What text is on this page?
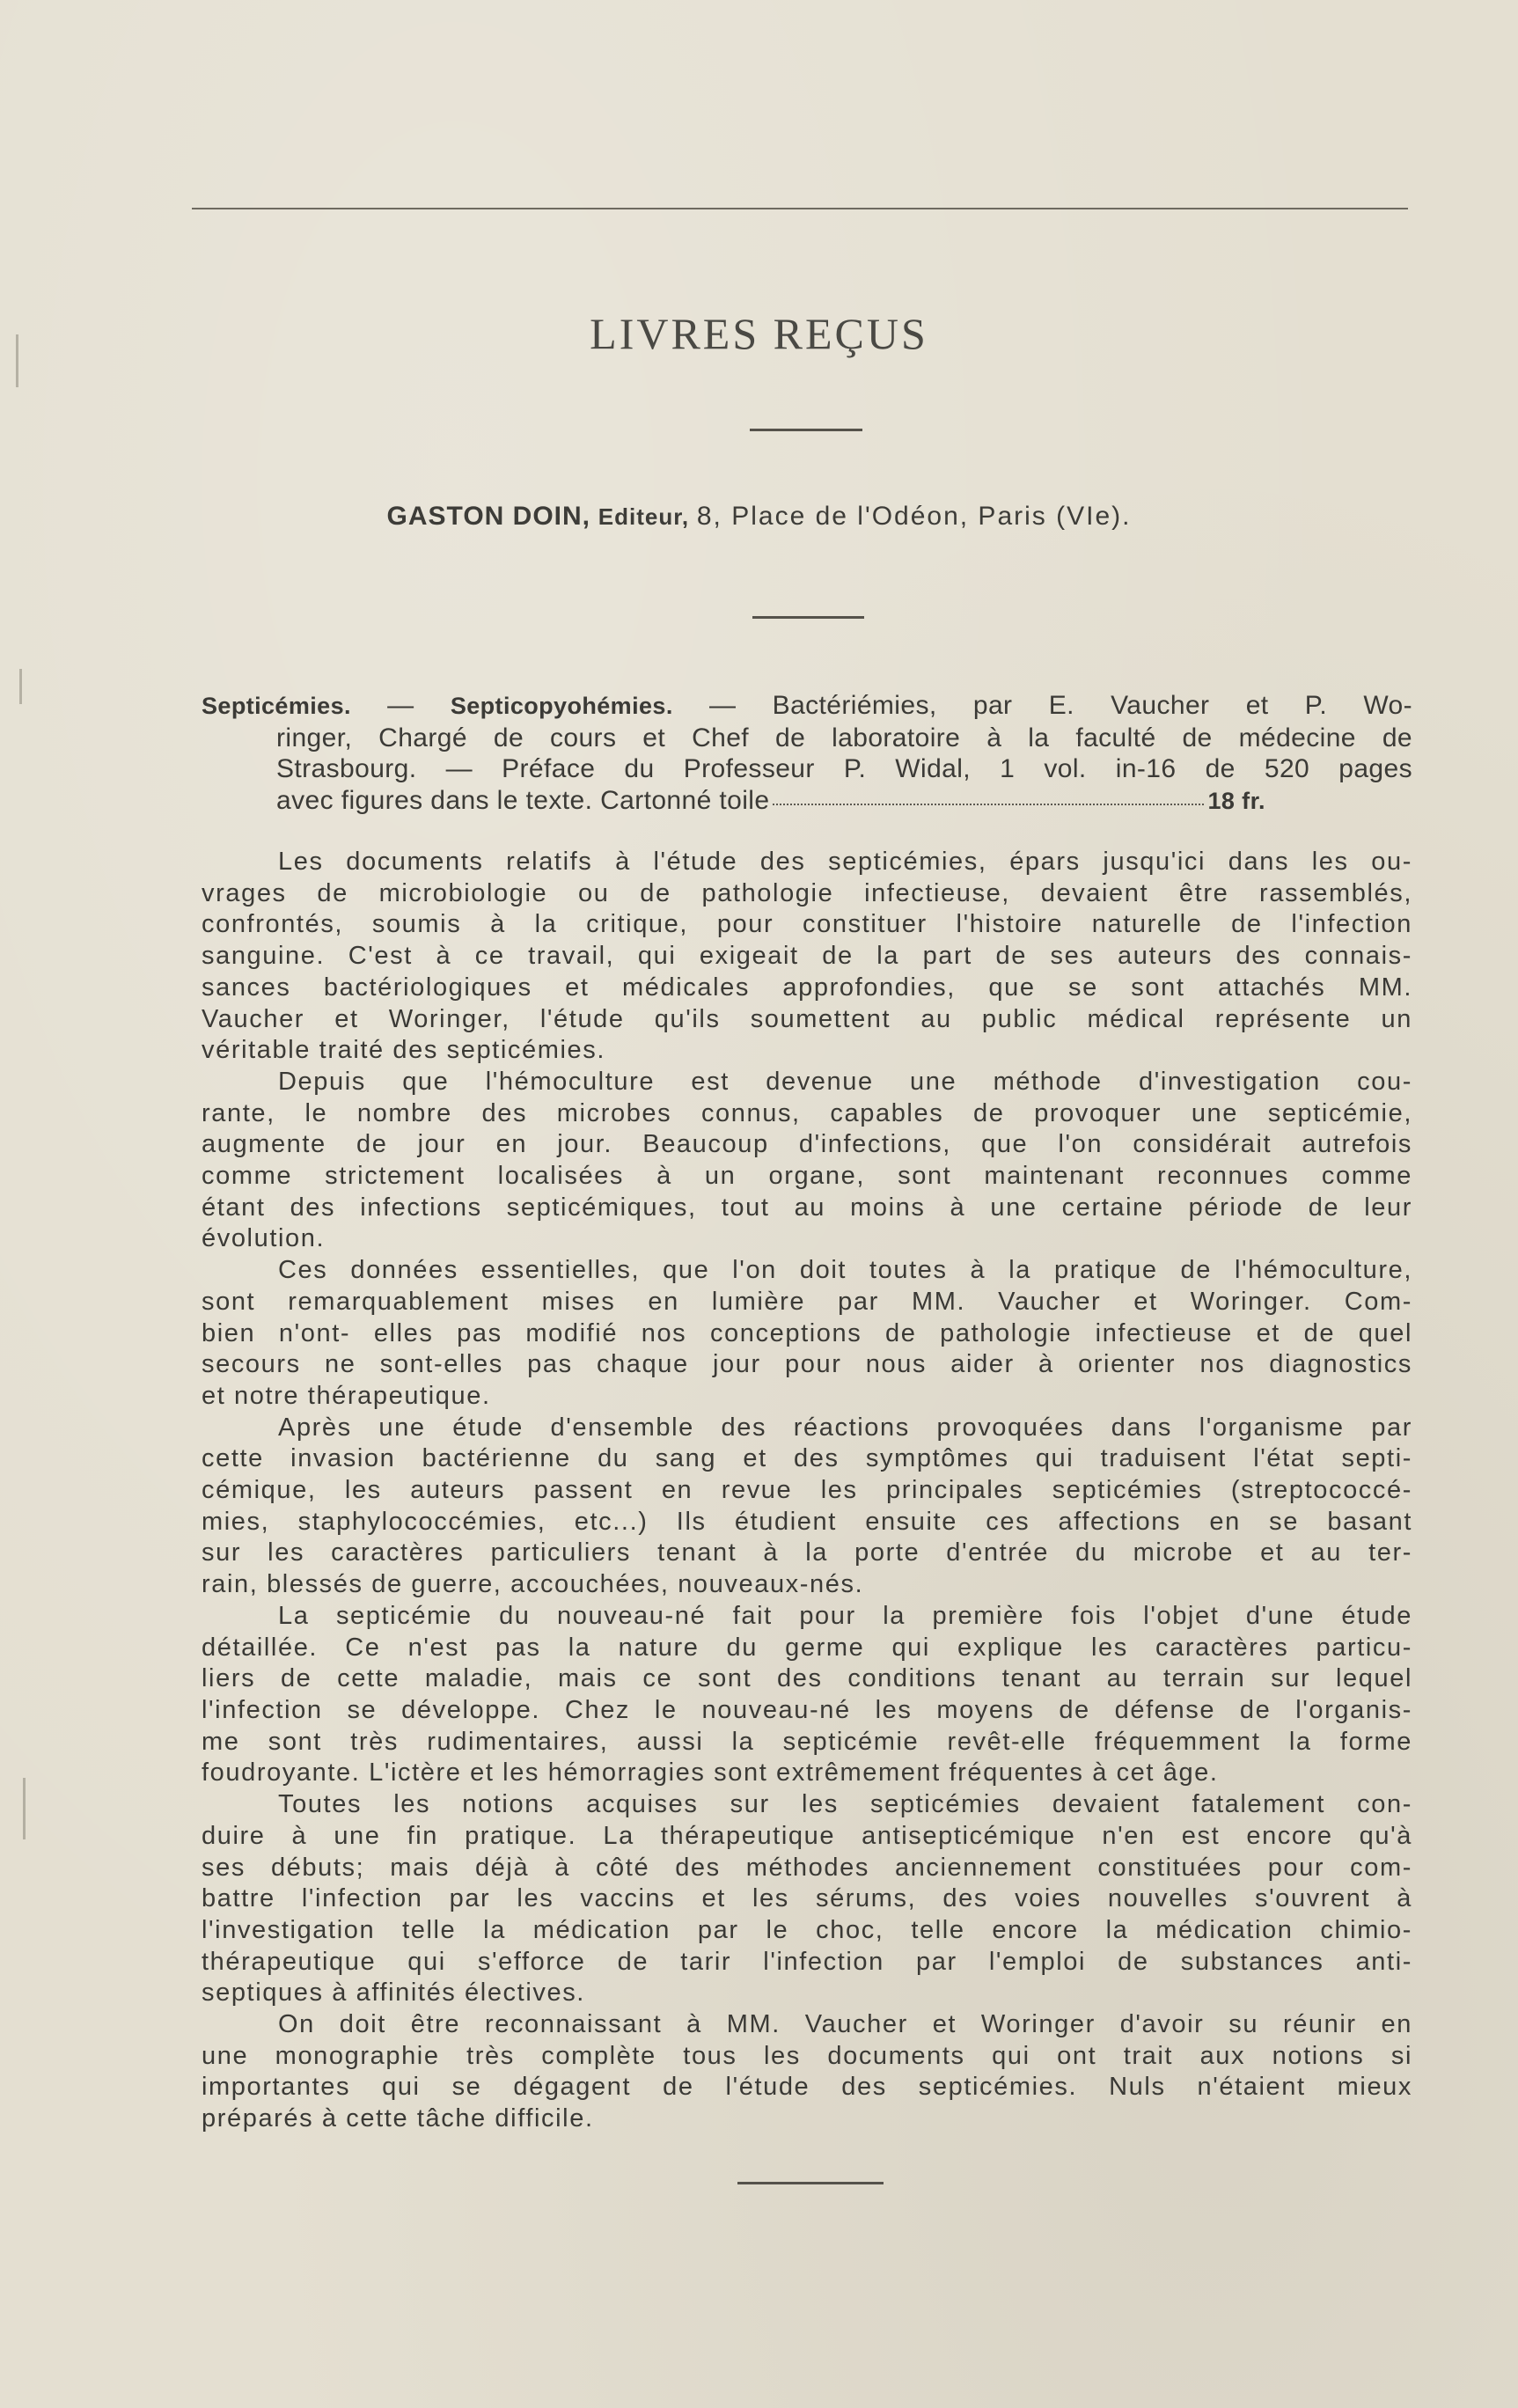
LIVRES REÇUS
GASTON DOIN, Editeur, 8, Place de l'Odéon, Paris (VIe).
Septicémies. — Septicopyohémies. — Bactériémies, par E. Vaucher et P. Wo-
ringer, Chargé de cours et Chef de laboratoire à la faculté de médecine de
Strasbourg. — Préface du Professeur P. Widal, 1 vol. in-16 de 520 pages
avec figures dans le texte. Cartonné toile	18 fr.
Les documents relatifs à l'étude des septicémies, épars jusqu'ici dans les ou-
vrages de microbiologie ou de pathologie infectieuse, devaient être rassemblés,
confrontés, soumis à la critique, pour constituer l'histoire naturelle de l'infection
sanguine. C'est à ce travail, qui exigeait de la part de ses auteurs des connais-
sances bactériologiques et médicales approfondies, que se sont attachés MM.
Vaucher et Woringer, l'étude qu'ils soumettent au public médical représente un
véritable traité des septicémies.
Depuis que l'hémoculture est devenue une méthode d'investigation cou-
rante, le nombre des microbes connus, capables de provoquer une septicémie,
augmente de jour en jour. Beaucoup d'infections, que l'on considérait autrefois
comme strictement localisées à un organe, sont maintenant reconnues comme
étant des infections septicémiques, tout au moins à une certaine période de leur
évolution.
Ces données essentielles, que l'on doit toutes à la pratique de l'hémoculture,
sont remarquablement mises en lumière par MM. Vaucher et Woringer. Com-
bien n'ont- elles pas modifié nos conceptions de pathologie infectieuse et de quel
secours ne sont-elles pas chaque jour pour nous aider à orienter nos diagnostics
et notre thérapeutique.
Après une étude d'ensemble des réactions provoquées dans l'organisme par
cette invasion bactérienne du sang et des symptômes qui traduisent l'état septi-
cémique, les auteurs passent en revue les principales septicémies (streptococcé-
mies, staphylococcémies, etc...) Ils étudient ensuite ces affections en se basant
sur les caractères particuliers tenant à la porte d'entrée du microbe et au ter-
rain, blessés de guerre, accouchées, nouveaux-nés.
La septicémie du nouveau-né fait pour la première fois l'objet d'une étude
détaillée. Ce n'est pas la nature du germe qui explique les caractères particu-
liers de cette maladie, mais ce sont des conditions tenant au terrain sur lequel
l'infection se développe. Chez le nouveau-né les moyens de défense de l'organis-
me sont très rudimentaires, aussi la septicémie revêt-elle fréquemment la forme
foudroyante. L'ictère et les hémorragies sont extrêmement fréquentes à cet âge.
Toutes les notions acquises sur les septicémies devaient fatalement con-
duire à une fin pratique. La thérapeutique antisepticémique n'en est encore qu'à
ses débuts; mais déjà à côté des méthodes anciennement constituées pour com-
battre l'infection par les vaccins et les sérums, des voies nouvelles s'ouvrent à
l'investigation telle la médication par le choc, telle encore la médication chimio-
thérapeutique qui s'efforce de tarir l'infection par l'emploi de substances anti-
septiques à affinités électives.
On doit être reconnaissant à MM. Vaucher et Woringer d'avoir su réunir en
une monographie très complète tous les documents qui ont trait aux notions si
importantes qui se dégagent de l'étude des septicémies. Nuls n'étaient mieux
préparés à cette tâche difficile.
